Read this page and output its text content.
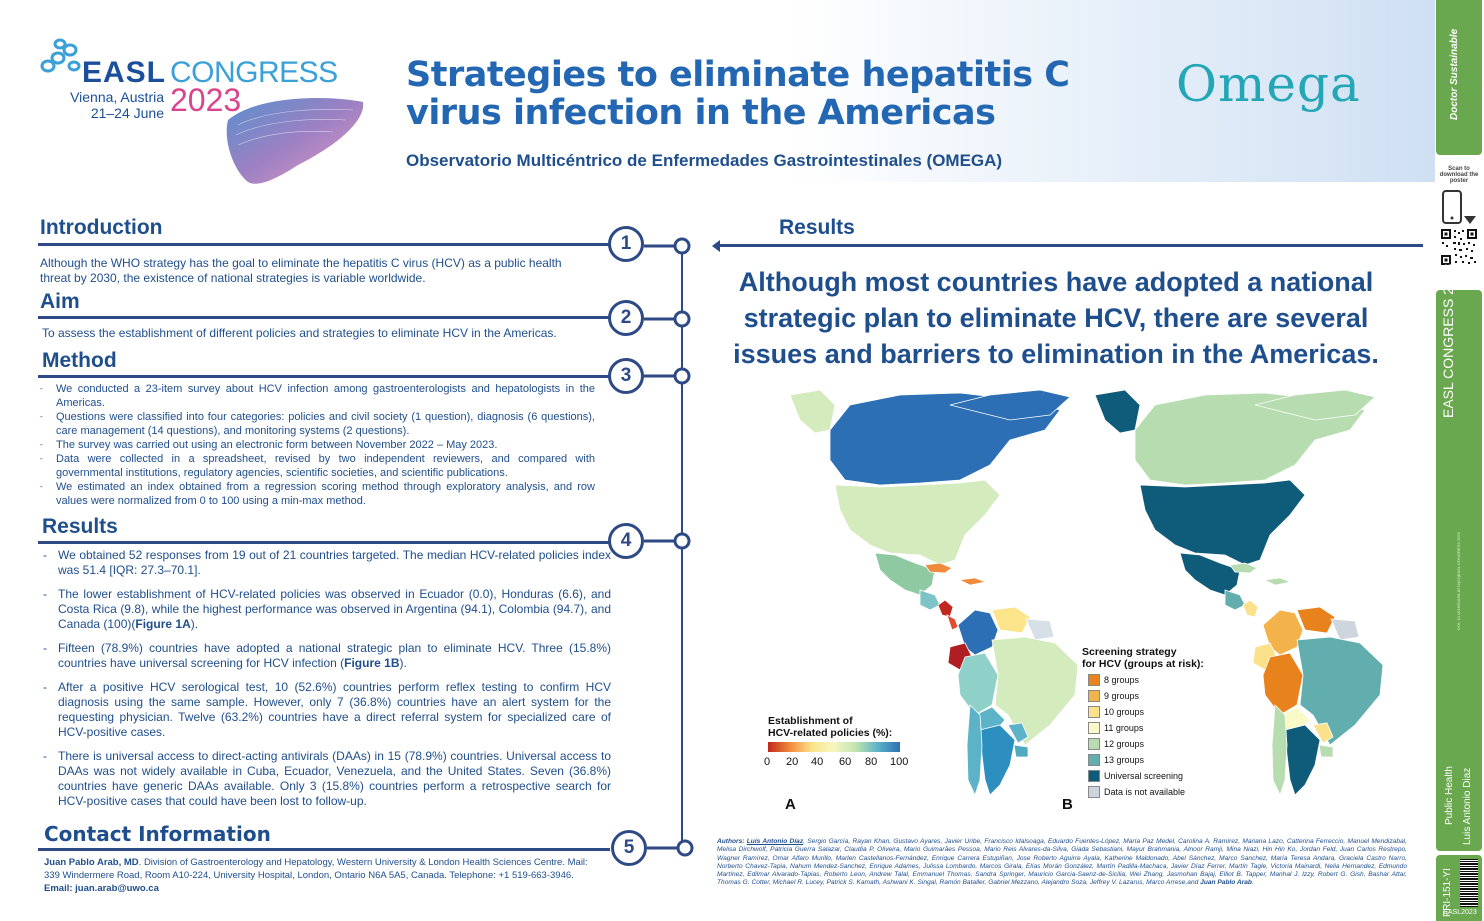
EASL CONGRESS
Vienna, Austria
21–24 June 2023
Strategies to eliminate hepatitis C
virus infection in the Americas
Observatorio Multicéntrico de Enfermedades Gastrointestinales (OMEGA)
Omega	Doctor Sustainable
Scan to download the poster

EASL CONGRESS 2023
DOI: 10.1016/S0168-8278(23)EASL CONGRESS 2023
Public Health Luis Antonio Diaz
FRI-151-YI
EASL2023
Introduction
1
Although the WHO strategy has the goal to eliminate the hepatitis C virus (HCV) as a public health threat by 2030, the existence of national strategies is variable worldwide.
Aim
2
To assess the establishment of different policies and strategies to eliminate HCV in the Americas.
Method
3
- We conducted a 23-item survey about HCV infection among gastroenterologists and hepatologists in the Americas.
- Questions were classified into four categories: policies and civil society (1 question), diagnosis (6 questions), care management (14 questions), and monitoring systems (2 questions).
- The survey was carried out using an electronic form between November 2022 – May 2023.
- Data were collected in a spreadsheet, revised by two independent reviewers, and compared with governmental institutions, regulatory agencies, scientific societies, and scientific publications.
- We estimated an index obtained from a regression scoring method through exploratory analysis, and row values were normalized from 0 to 100 using a min-max method.
Results
4
- We obtained 52 responses from 19 out of 21 countries targeted. The median HCV-related policies index was 51.4 [IQR: 27.3–70.1].
- The lower establishment of HCV-related policies was observed in Ecuador (0.0), Honduras (6.6), and Costa Rica (9.8), while the highest performance was observed in Argentina (94.1), Colombia (94.7), and Canada (100)(Figure 1A).
- Fifteen (78.9%) countries have adopted a national strategic plan to eliminate HCV. Three (15.8%) countries have universal screening for HCV infection (Figure 1B).
- After a positive HCV serological test, 10 (52.6%) countries perform reflex testing to confirm HCV diagnosis using the same sample. However, only 7 (36.8%) countries have an alert system for the requesting physician. Twelve (63.2%) countries have a direct referral system for specialized care of HCV-positive cases.
- There is universal access to direct-acting antivirals (DAAs) in 15 (78.9%) countries. Universal access to DAAs was not widely available in Cuba, Ecuador, Venezuela, and the United States. Seven (36.8%) countries have generic DAAs available. Only 3 (15.8%) countries perform a retrospective search for HCV-positive cases that could have been lost to follow-up.
Contact Information
5
Juan Pablo Arab, MD. Division of Gastroenterology and Hepatology, Western University & London Health Sciences Centre. Mail: 339 Windermere Road, Room A10-224, University Hospital, London, Ontario N6A 5A5, Canada. Telephone: +1 519-663-3946. Email: juan.arab@uwo.ca
Results
Although most countries have adopted a national strategic plan to eliminate HCV, there are several issues and barriers to elimination in the Americas.
A
Establishment of
HCV-related policies (%):
0 20 40 60 80 100
B
Screening strategy
for HCV (groups at risk):
8 groups
9 groups
10 groups
11 groups
12 groups
13 groups
Universal screening
Data is not available
Authors: Luis Antonio Díaz, Sergio García, Rayan Khan, Gustavo Ayares, Javier Uribe, Francisco Idalsoaga, Eduardo Fuentes-López, María Paz Medel, Carolina A. Ramírez, Mariana Lazo, Catterina Ferreccio, Manuel Mendizabal, Melisa Dirchwolf, Patricia Guerra Salazar, Claudia P. Oliveira, Mario Guimarães Pessoa, Mario Reis Alvares-da-Silva, Giada Sebastiani, Mayur Brahmania, Alnoor Ramji, Mina Niazi, Hin Hin Ko, Jordan Feld, Juan Carlos Restrepo, Wagner Ramírez, Omar Alfaro Murillo, Marlen Castellanos-Fernández, Enrique Carrera Estupiñan, Jose Roberto Aguirre Ayala, Katherine Maldonado, Abel Sánchez, Marco Sanchez, María Teresa Andara, Graciela Castro Narro, Norberto Chavez-Tapia, Nahum Mendez-Sanchez, Enrique Adames, Julissa Lombardo, Marcos Girala, Elías Morán González, Martín Padilla-Machaca, Javier Díaz Ferrer, Martín Tagle, Victoria Mainardi, Nelia Hernandez, Edmundo Martínez, Edilmar Alvarado-Tapias, Roberto Leon, Andrew Talal, Emmanuel Thomas, Sandra Springer, Mauricio Garcia-Saenz-de-Sicilia, Wei Zhang, Jasmohan Bajaj, Elliot B. Tapper, Manhal J. Izzy, Robert G. Gish, Bashar Attar, Thomas G. Cotter, Michael R. Lucey, Patrick S. Kamath, Ashwani K. Singal, Ramón Bataller, Gabriel Mezzano, Alejandro Soza, Jeffrey V. Lazarus, Marco Arrese,and Juan Pablo Arab.
